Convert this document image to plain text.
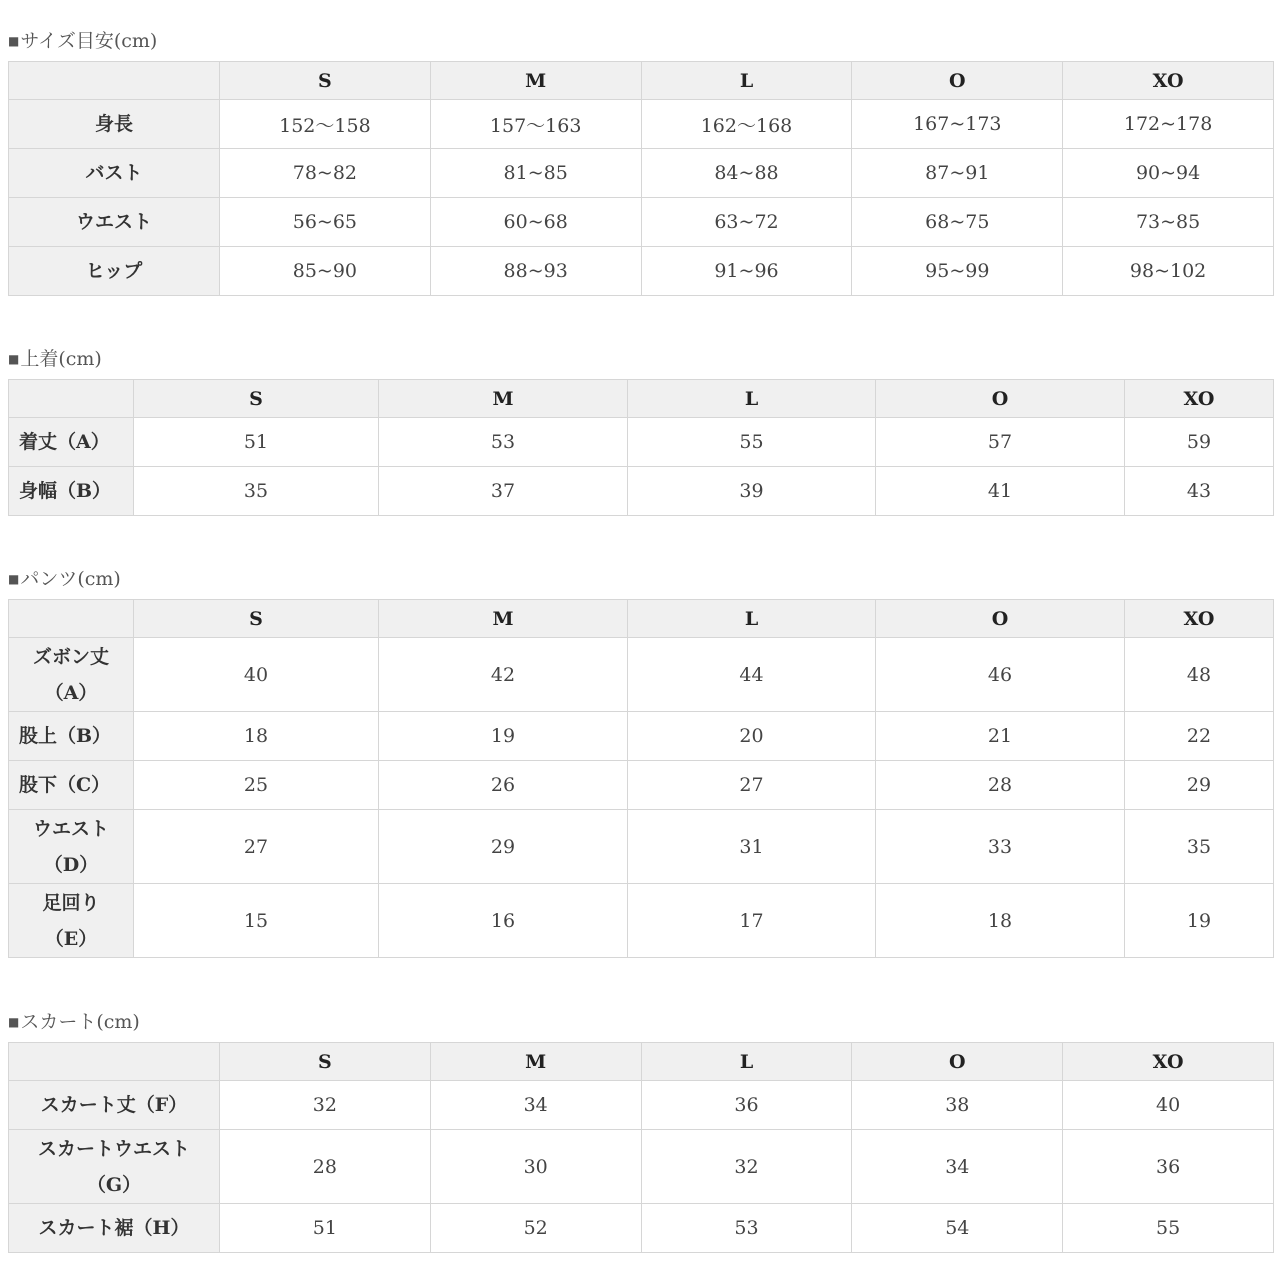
■ サイズ目安(cm)
	S	M	L	O	XO
身長	152〜158	157〜163	162〜168	167~173	172~178
バスト	78~82	81~85	84~88	87~91	90~94
ウエスト	56~65	60~68	63~72	68~75	73~85
ヒップ	85~90	88~93	91~96	95~99	98~102
■ 上着(cm)
	S	M	L	O	XO
着丈（A）	51	53	55	57	59
身幅（B）	35	37	39	41	43
■ パンツ(cm)
	S	M	L	O	XO

ズボン丈
（A）	40	42	44	46	48
股上（B）	18	19	20	21	22
股下（C）	25	26	27	28	29

ウエスト
（D）	27	29	31	33	35

足回り
（E）	15	16	17	18	19
■ スカート(cm)
	S	M	L	O	XO
スカート丈（F）	32	34	36	38	40

スカートウエスト
（G）	28	30	32	34	36
スカート裾（H）	51	52	53	54	55
